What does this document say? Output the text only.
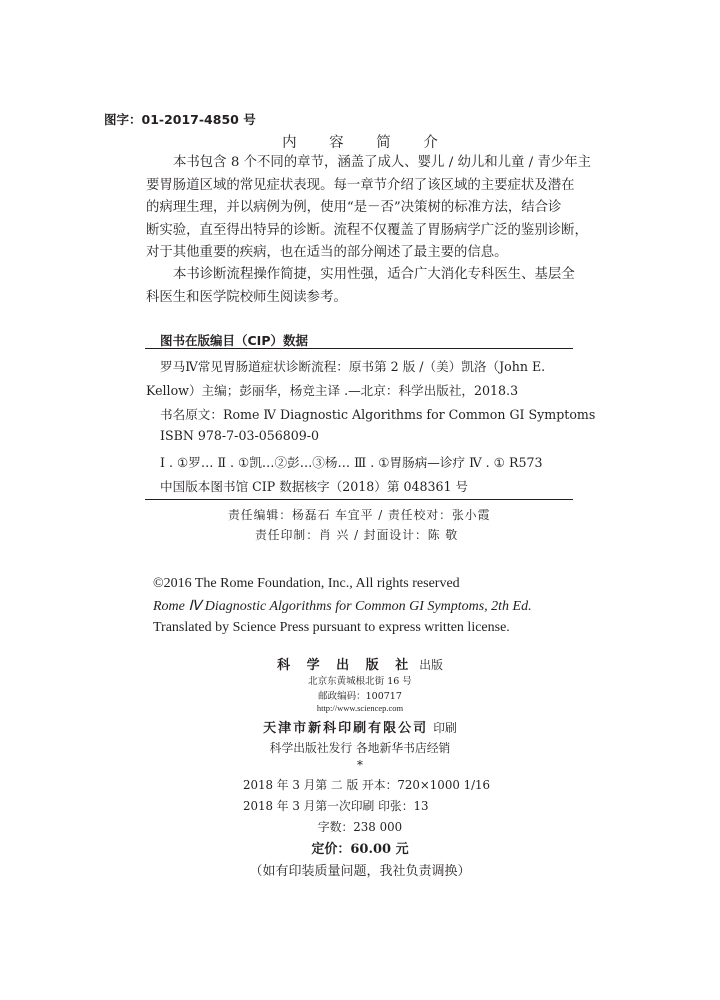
图字：01-2017-4850 号
内 容 简 介
本书包含 8 个不同的章节，涵盖了成人、婴儿 / 幼儿和儿童 / 青少年主
要胃肠道区域的常见症状表现。每一章节介绍了该区域的主要症状及潜在
的病理生理，并以病例为例，使用“是－否”决策树的标准方法，结合诊
断实验，直至得出特异的诊断。流程不仅覆盖了胃肠病学广泛的鉴别诊断，
对于其他重要的疾病，也在适当的部分阐述了最主要的信息。
本书诊断流程操作简捷，实用性强，适合广大消化专科医生、基层全
科医生和医学院校师生阅读参考。
图书在版编目（CIP）数据
罗马Ⅳ常见胃肠道症状诊断流程：原书第 2 版 /（美）凯洛（John E.
Kellow）主编；彭丽华，杨竞主译 .—北京：科学出版社，2018.3
书名原文：Rome Ⅳ Diagnostic Algorithms for Common GI Symptoms
ISBN 978-7-03-056809-0
Ⅰ . ①罗… Ⅱ . ①凯…②彭…③杨… Ⅲ . ①胃肠病—诊疗 Ⅳ . ① R573
中国版本图书馆 CIP 数据核字（2018）第 048361 号
责任编辑：杨磊石 车宜平 / 责任校对：张小霞
责任印制：肖 兴 / 封面设计：陈 敬
©2016 The Rome Foundation, Inc., All rights reserved
Rome Ⅳ Diagnostic Algorithms for Common GI Symptoms, 2th Ed.
Translated by Science Press pursuant to express written license.
科 学 出 版 社 出版
北京东黄城根北街 16 号
邮政编码：100717
http://www.sciencep.com
天津市新科印刷有限公司 印刷
科学出版社发行 各地新华书店经销
*
2018 年 3 月第 二 版 开本：720×1000 1/16
2018 年 3 月第一次印刷 印张：13
字数：238 000
定价：60.00 元
（如有印装质量问题，我社负责调换）
